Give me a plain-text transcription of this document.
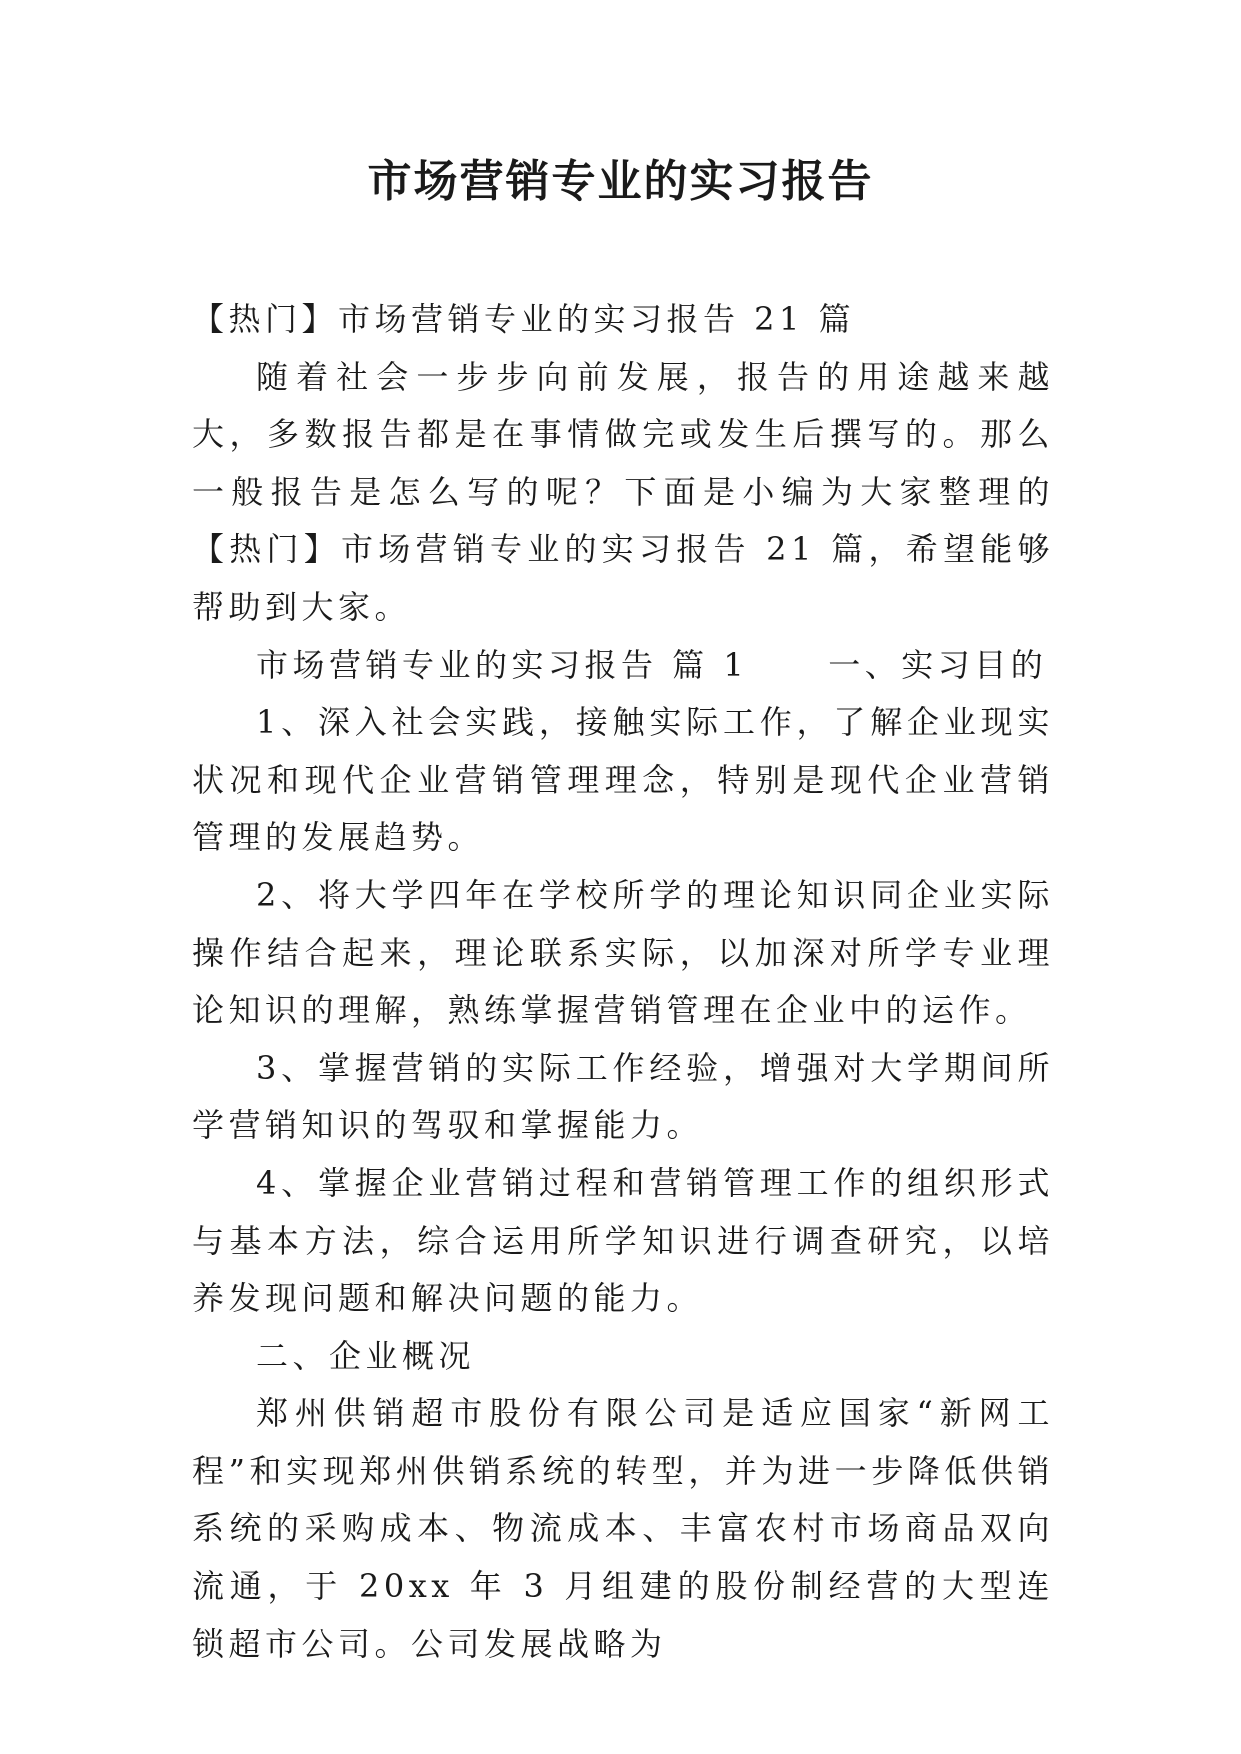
市场营销专业的实习报告

【热门】市场营销专业的实习报告 21 篇

随着社会一步步向前发展，报告的用途越来越大，多数报告都是在事情做完或发生后撰写的。那么一般报告是怎么写的呢？下面是小编为大家整理的【热门】市场营销专业的实习报告 21 篇，希望能够帮助到大家。

市场营销专业的实习报告 篇 1	一、实习目的

1、深入社会实践，接触实际工作，了解企业现实状况和现代企业营销管理理念，特别是现代企业营销管理的发展趋势。

2、将大学四年在学校所学的理论知识同企业实际操作结合起来，理论联系实际，以加深对所学专业理论知识的理解，熟练掌握营销管理在企业中的运作。

3、掌握营销的实际工作经验，增强对大学期间所学营销知识的驾驭和掌握能力。

4、掌握企业营销过程和营销管理工作的组织形式与基本方法，综合运用所学知识进行调查研究，以培养发现问题和解决问题的能力。

二、企业概况

郑州供销超市股份有限公司是适应国家“新网工程”和实现郑州供销系统的转型，并为进一步降低供销系统的采购成本、物流成本、丰富农村市场商品双向流通，于 20xx 年 3 月组建的股份制经营的大型连锁超市公司。公司发展战略为
